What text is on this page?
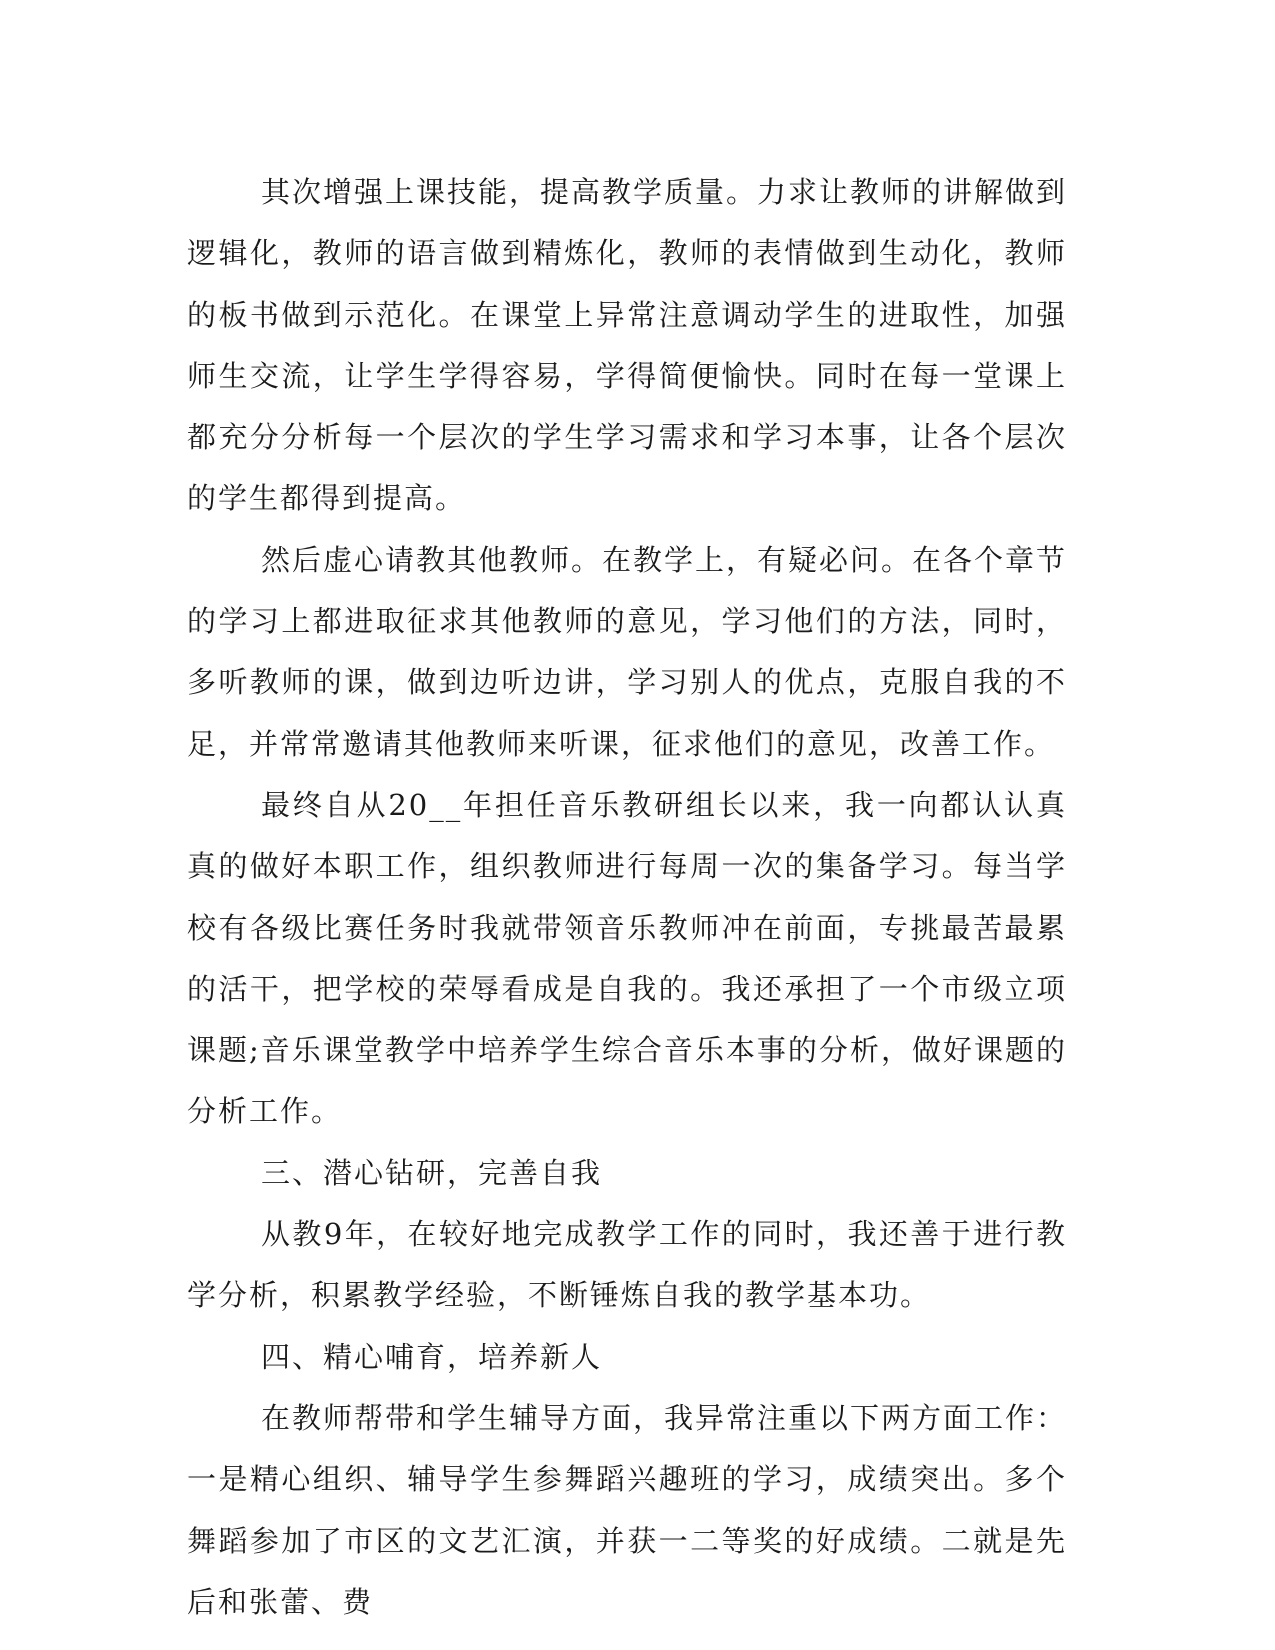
其次增强上课技能，提高教学质量。力求让教师的讲解做到逻辑化，教师的语言做到精炼化，教师的表情做到生动化，教师的板书做到示范化。在课堂上异常注意调动学生的进取性，加强师生交流，让学生学得容易，学得简便愉快。同时在每一堂课上都充分分析每一个层次的学生学习需求和学习本事，让各个层次的学生都得到提高。

然后虚心请教其他教师。在教学上，有疑必问。在各个章节的学习上都进取征求其他教师的意见，学习他们的方法，同时，多听教师的课，做到边听边讲，学习别人的优点，克服自我的不足，并常常邀请其他教师来听课，征求他们的意见，改善工作。

最终自从20__年担任音乐教研组长以来，我一向都认认真真的做好本职工作，组织教师进行每周一次的集备学习。每当学校有各级比赛任务时我就带领音乐教师冲在前面，专挑最苦最累的活干，把学校的荣辱看成是自我的。我还承担了一个市级立项课题;音乐课堂教学中培养学生综合音乐本事的分析，做好课题的分析工作。

三、潜心钻研，完善自我

从教9年，在较好地完成教学工作的同时，我还善于进行教学分析，积累教学经验，不断锤炼自我的教学基本功。

四、精心哺育，培养新人

在教师帮带和学生辅导方面，我异常注重以下两方面工作：一是精心组织、辅导学生参舞蹈兴趣班的学习，成绩突出。多个舞蹈参加了市区的文艺汇演，并获一二等奖的好成绩。二就是先后和张蕾、费
